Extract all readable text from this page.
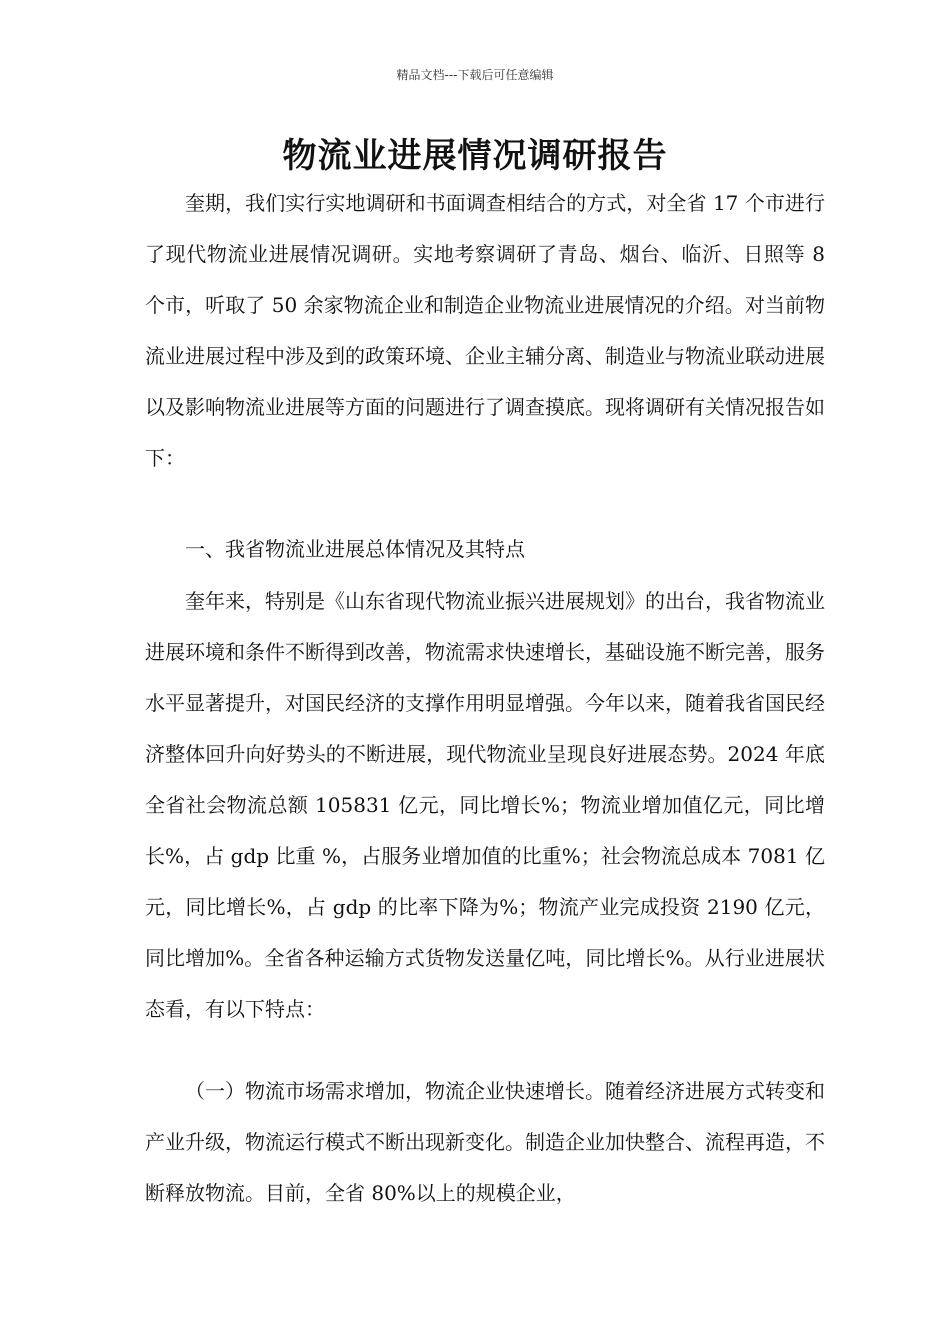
精品文档---下载后可任意编辑
物流业进展情况调研报告

奎期，我们实行实地调研和书面调查相结合的方式，对全省 17 个市进行了现代物流业进展情况调研。实地考察调研了青岛、烟台、临沂、日照等 8 个市，听取了 50 余家物流企业和制造企业物流业进展情况的介绍。对当前物流业进展过程中涉及到的政策环境、企业主辅分离、制造业与物流业联动进展以及影响物流业进展等方面的问题进行了调查摸底。现将调研有关情况报告如下：

一、我省物流业进展总体情况及其特点

奎年来，特别是《山东省现代物流业振兴进展规划》的出台，我省物流业进展环境和条件不断得到改善，物流需求快速增长，基础设施不断完善，服务水平显著提升，对国民经济的支撑作用明显增强。今年以来，随着我省国民经济整体回升向好势头的不断进展，现代物流业呈现良好进展态势。2024 年底全省社会物流总额 105831 亿元，同比增长%；物流业增加值亿元，同比增长%，占 gdp 比重 %，占服务业增加值的比重%；社会物流总成本 7081 亿元，同比增长%，占 gdp 的比率下降为%；物流产业完成投资 2190 亿元，同比增加%。全省各种运输方式货物发送量亿吨，同比增长%。从行业进展状态看，有以下特点：

（一）物流市场需求增加，物流企业快速增长。随着经济进展方式转变和产业升级，物流运行模式不断出现新变化。制造企业加快整合、流程再造，不断释放物流。目前，全省 80%以上的规模企业，
